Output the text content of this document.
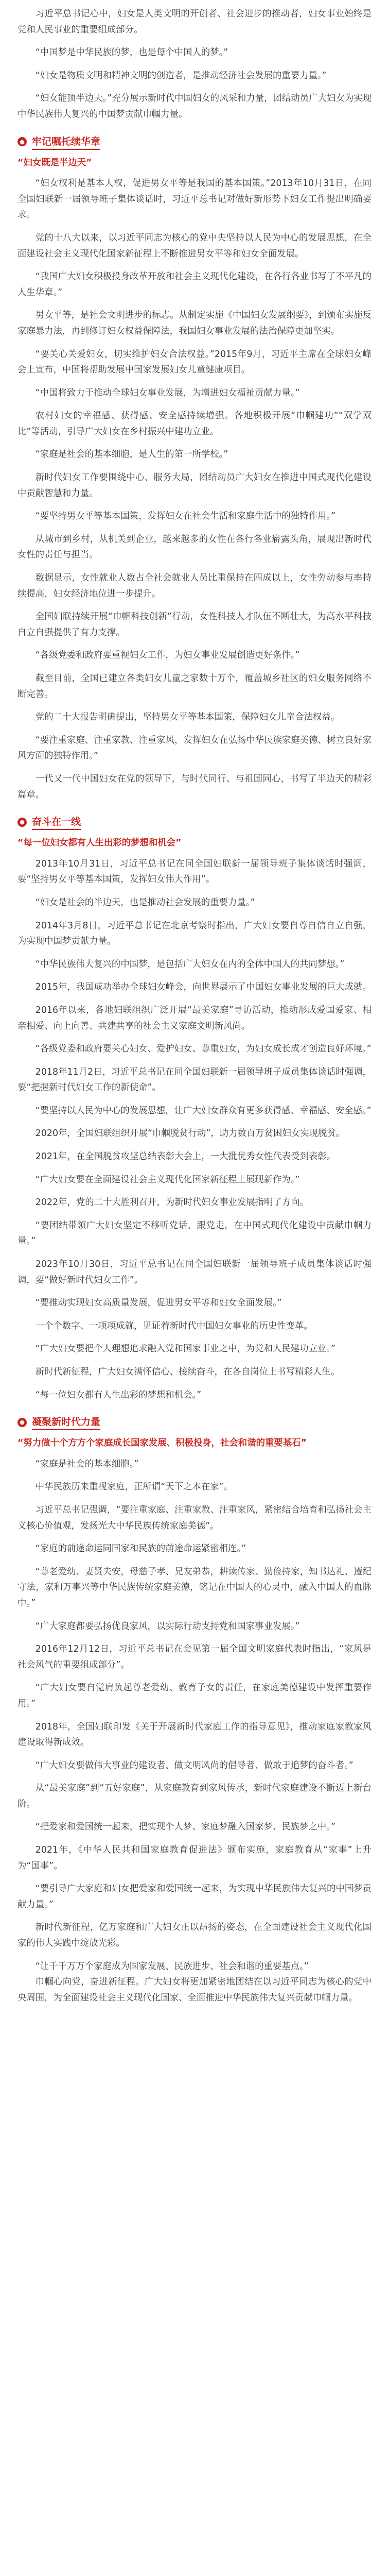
习近平总书记心中，妇女是人类文明的开创者、社会进步的推动者，妇女事业始终是党和人民事业的重要组成部分。

“中国梦是中华民族的梦，也是每个中国人的梦。”

“妇女是物质文明和精神文明的创造者，是推动经济社会发展的重要力量。”

“妇女能顶半边天。”充分展示新时代中国妇女的风采和力量，团结动员广大妇女为实现中华民族伟大复兴的中国梦贡献巾帼力量。

● 牢记嘱托续华章

“妇女既是半边天”

“妇女权利是基本人权，促进男女平等是我国的基本国策。”2013年10月31日，在同全国妇联新一届领导班子集体谈话时，习近平总书记对做好新形势下妇女工作提出明确要求。

党的十八大以来，以习近平同志为核心的党中央坚持以人民为中心的发展思想，在全面建设社会主义现代化国家新征程上不断推进男女平等和妇女全面发展。

“我国广大妇女积极投身改革开放和社会主义现代化建设，在各行各业书写了不平凡的人生华章。”

男女平等，是社会文明进步的标志。从制定实施《中国妇女发展纲要》，到颁布实施反家庭暴力法，再到修订妇女权益保障法，我国妇女事业发展的法治保障更加坚实。

“要关心关爱妇女，切实维护妇女合法权益。”2015年9月，习近平主席在全球妇女峰会上宣布，中国将帮助发展中国家发展妇女儿童健康项目。

“中国将致力于推动全球妇女事业发展，为增进妇女福祉贡献力量。”

农村妇女的幸福感、获得感、安全感持续增强。各地积极开展“巾帼建功”“双学双比”等活动，引导广大妇女在乡村振兴中建功立业。

“家庭是社会的基本细胞，是人生的第一所学校。”

新时代妇女工作要围绕中心、服务大局，团结动员广大妇女在推进中国式现代化建设中贡献智慧和力量。

“要坚持男女平等基本国策，发挥妇女在社会生活和家庭生活中的独特作用。”

从城市到乡村，从机关到企业，越来越多的女性在各行各业崭露头角，展现出新时代女性的责任与担当。

数据显示，女性就业人数占全社会就业人员比重保持在四成以上，女性劳动参与率持续提高，妇女经济地位进一步提升。

全国妇联持续开展“巾帼科技创新”行动，女性科技人才队伍不断壮大，为高水平科技自立自强提供了有力支撑。

“各级党委和政府要重视妇女工作，为妇女事业发展创造更好条件。”

截至目前，全国已建立各类妇女儿童之家数十万个，覆盖城乡社区的妇女服务网络不断完善。

党的二十大报告明确提出，坚持男女平等基本国策，保障妇女儿童合法权益。

“要注重家庭、注重家教、注重家风，发挥妇女在弘扬中华民族家庭美德、树立良好家风方面的独特作用。”

一代又一代中国妇女在党的领导下，与时代同行、与祖国同心，书写了半边天的精彩篇章。

● 奋斗在一线

“每一位妇女都有人生出彩的梦想和机会”

2013年10月31日，习近平总书记在同全国妇联新一届领导班子集体谈话时强调，要“坚持男女平等基本国策，发挥妇女伟大作用”。

“妇女是社会的半边天，也是推动社会发展的重要力量。”

2014年3月8日，习近平总书记在北京考察时指出，广大妇女要自尊自信自立自强，为实现中国梦贡献力量。

“中华民族伟大复兴的中国梦，是包括广大妇女在内的全体中国人的共同梦想。”

2015年，我国成功举办全球妇女峰会，向世界展示了中国妇女事业发展的巨大成就。

2016年以来，各地妇联组织广泛开展“最美家庭”寻访活动，推动形成爱国爱家、相亲相爱、向上向善、共建共享的社会主义家庭文明新风尚。

“各级党委和政府要关心妇女、爱护妇女、尊重妇女，为妇女成长成才创造良好环境。”

2018年11月2日，习近平总书记在同全国妇联新一届领导班子成员集体谈话时强调，要“把握新时代妇女工作的新使命”。

“要坚持以人民为中心的发展思想，让广大妇女群众有更多获得感、幸福感、安全感。”

2020年，全国妇联组织开展“巾帼脱贫行动”，助力数百万贫困妇女实现脱贫。

2021年，在全国脱贫攻坚总结表彰大会上，一大批优秀女性代表受到表彰。

“广大妇女要在全面建设社会主义现代化国家新征程上展现新作为。”

2022年，党的二十大胜利召开，为新时代妇女事业发展指明了方向。

“要团结带领广大妇女坚定不移听党话、跟党走，在中国式现代化建设中贡献巾帼力量。”

2023年10月30日，习近平总书记在同全国妇联新一届领导班子成员集体谈话时强调，要“做好新时代妇女工作”。

“要推动实现妇女高质量发展，促进男女平等和妇女全面发展。”

一个个数字、一项项成就，见证着新时代中国妇女事业的历史性变革。

“广大妇女要把个人理想追求融入党和国家事业之中，为党和人民建功立业。”

新时代新征程，广大妇女满怀信心、接续奋斗，在各自岗位上书写精彩人生。

“每一位妇女都有人生出彩的梦想和机会。”

● 凝聚新时代力量

“努力做十个方方个家庭成长国家发展、积极投身，社会和谐的重要基石”

“家庭是社会的基本细胞。”

中华民族历来重视家庭，正所谓“天下之本在家”。

习近平总书记强调，“要注重家庭、注重家教、注重家风，紧密结合培育和弘扬社会主义核心价值观，发扬光大中华民族传统家庭美德”。

“家庭的前途命运同国家和民族的前途命运紧密相连。”

“尊老爱幼、妻贤夫安，母慈子孝、兄友弟恭，耕读传家、勤俭持家，知书达礼、遵纪守法，家和万事兴等中华民族传统家庭美德，铭记在中国人的心灵中，融入中国人的血脉中。”

“广大家庭都要弘扬优良家风，以实际行动支持党和国家事业发展。”

2016年12月12日，习近平总书记在会见第一届全国文明家庭代表时指出，“家风是社会风气的重要组成部分”。

“广大妇女要自觉肩负起尊老爱幼、教育子女的责任，在家庭美德建设中发挥重要作用。”

2018年，全国妇联印发《关于开展新时代家庭工作的指导意见》，推动家庭家教家风建设取得新成效。

“广大妇女要做伟大事业的建设者、做文明风尚的倡导者、做敢于追梦的奋斗者。”

从“最美家庭”到“五好家庭”，从家庭教育到家风传承，新时代家庭建设不断迈上新台阶。

“把爱家和爱国统一起来，把实现个人梦、家庭梦融入国家梦、民族梦之中。”

2021年，《中华人民共和国家庭教育促进法》颁布实施，家庭教育从“家事”上升为“国事”。

“要引导广大家庭和妇女把爱家和爱国统一起来，为实现中华民族伟大复兴的中国梦贡献力量。”

新时代新征程，亿万家庭和广大妇女正以昂扬的姿态，在全面建设社会主义现代化国家的伟大实践中绽放光彩。

“让千千万万个家庭成为国家发展、民族进步、社会和谐的重要基点。”

巾帼心向党，奋进新征程。广大妇女将更加紧密地团结在以习近平同志为核心的党中央周围，为全面建设社会主义现代化国家、全面推进中华民族伟大复兴贡献巾帼力量。
